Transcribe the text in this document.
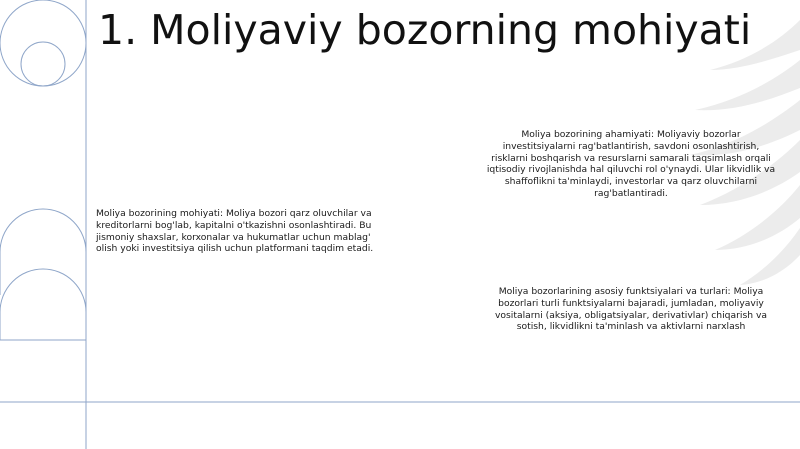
1. Moliyaviy bozorning mohiyati

Moliya bozorining mohiyati: Moliya bozori qarz oluvchilar va kreditorlarni bog'lab, kapitalni o'tkazishni osonlashtiradi. Bu jismoniy shaxslar, korxonalar va hukumatlar uchun mablag' olish yoki investitsiya qilish uchun platformani taqdim etadi.

Moliya bozorining ahamiyati: Moliyaviy bozorlar investitsiyalarni rag'batlantirish, savdoni osonlashtirish, risklarni boshqarish va resurslarni samarali taqsimlash orqali iqtisodiy rivojlanishda hal qiluvchi rol o'ynaydi. Ular likvidlik va shaffoflikni ta'minlaydi, investorlar va qarz oluvchilarni rag'batlantiradi.

Moliya bozorlarining asosiy funktsiyalari va turlari: Moliya bozorlari turli funktsiyalarni bajaradi, jumladan, moliyaviy vositalarni (aksiya, obligatsiyalar, derivativlar) chiqarish va sotish, likvidlikni ta'minlash va aktivlarni narxlash
